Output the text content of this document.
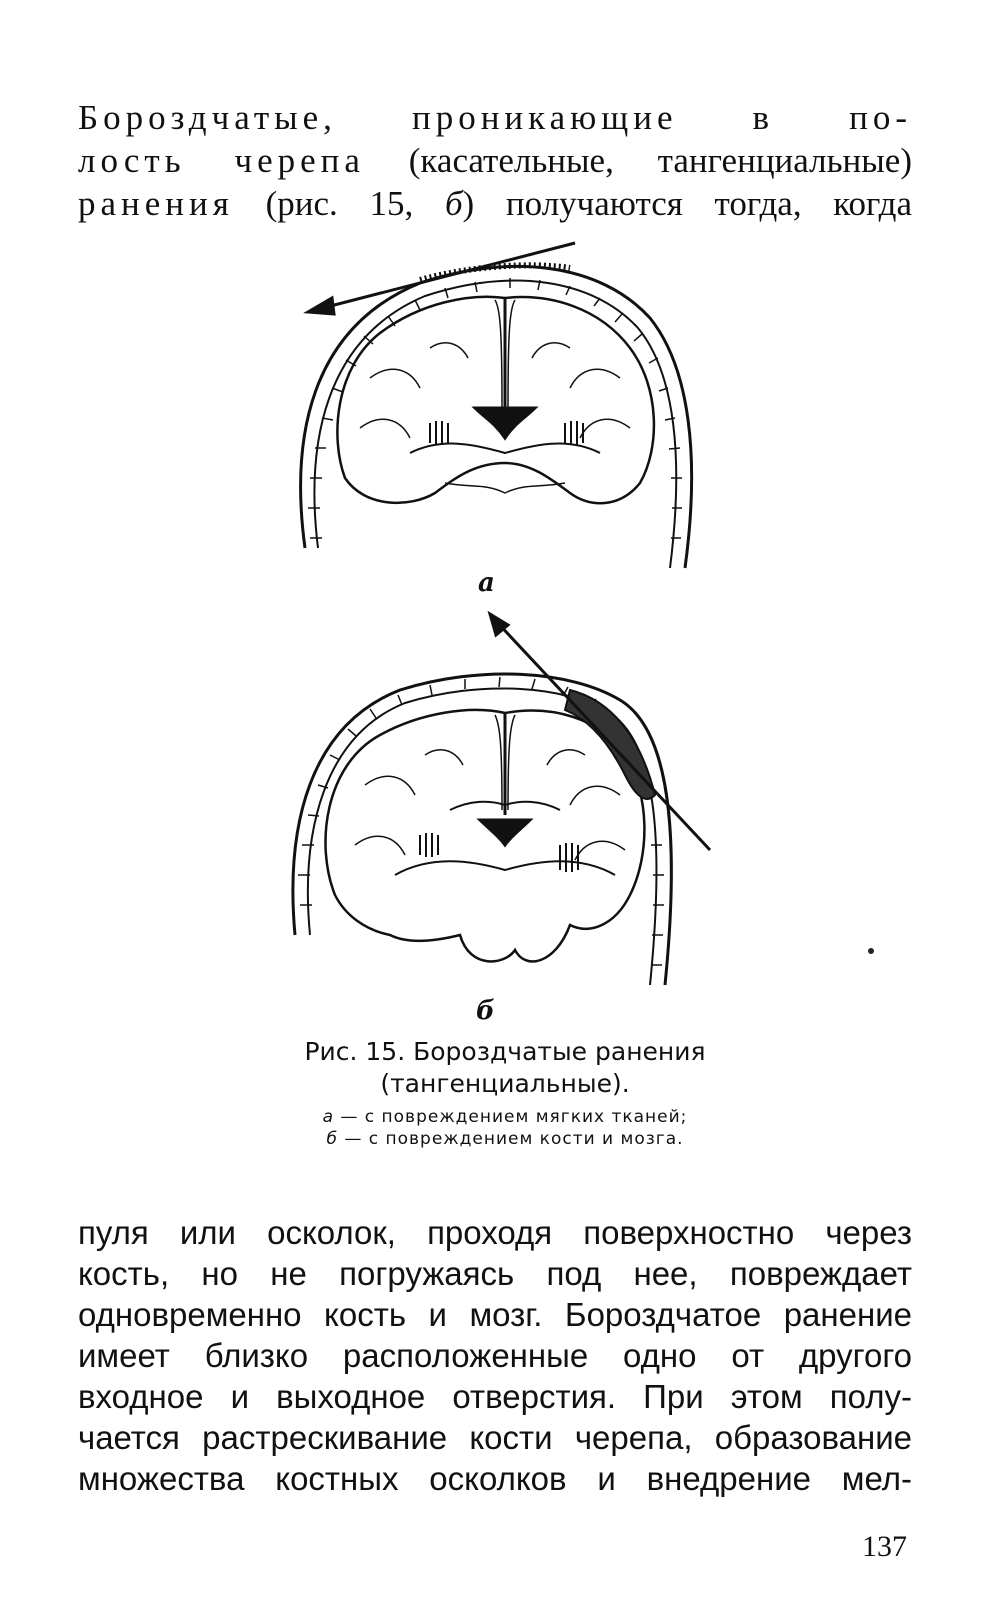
Бороздчатые, проникающие в по-
лость черепа (касательные, тангенциальные)
ранения (рис. 15, б) получаются тогда, когда
а
б
Рис. 15. Бороздчатые ранения
(тангенциальные).
а — с повреждением мягких тканей;
б — с повреждением кости и мозга.
пуля или осколок, проходя поверхностно через
кость, но не погружаясь под нее, повреждает
одновременно кость и мозг. Бороздчатое ранение
имеет близко расположенные одно от другого
входное и выходное отверстия. При этом полу-
чается растрескивание кости черепа, образование
множества костных осколков и внедрение мел-
137
